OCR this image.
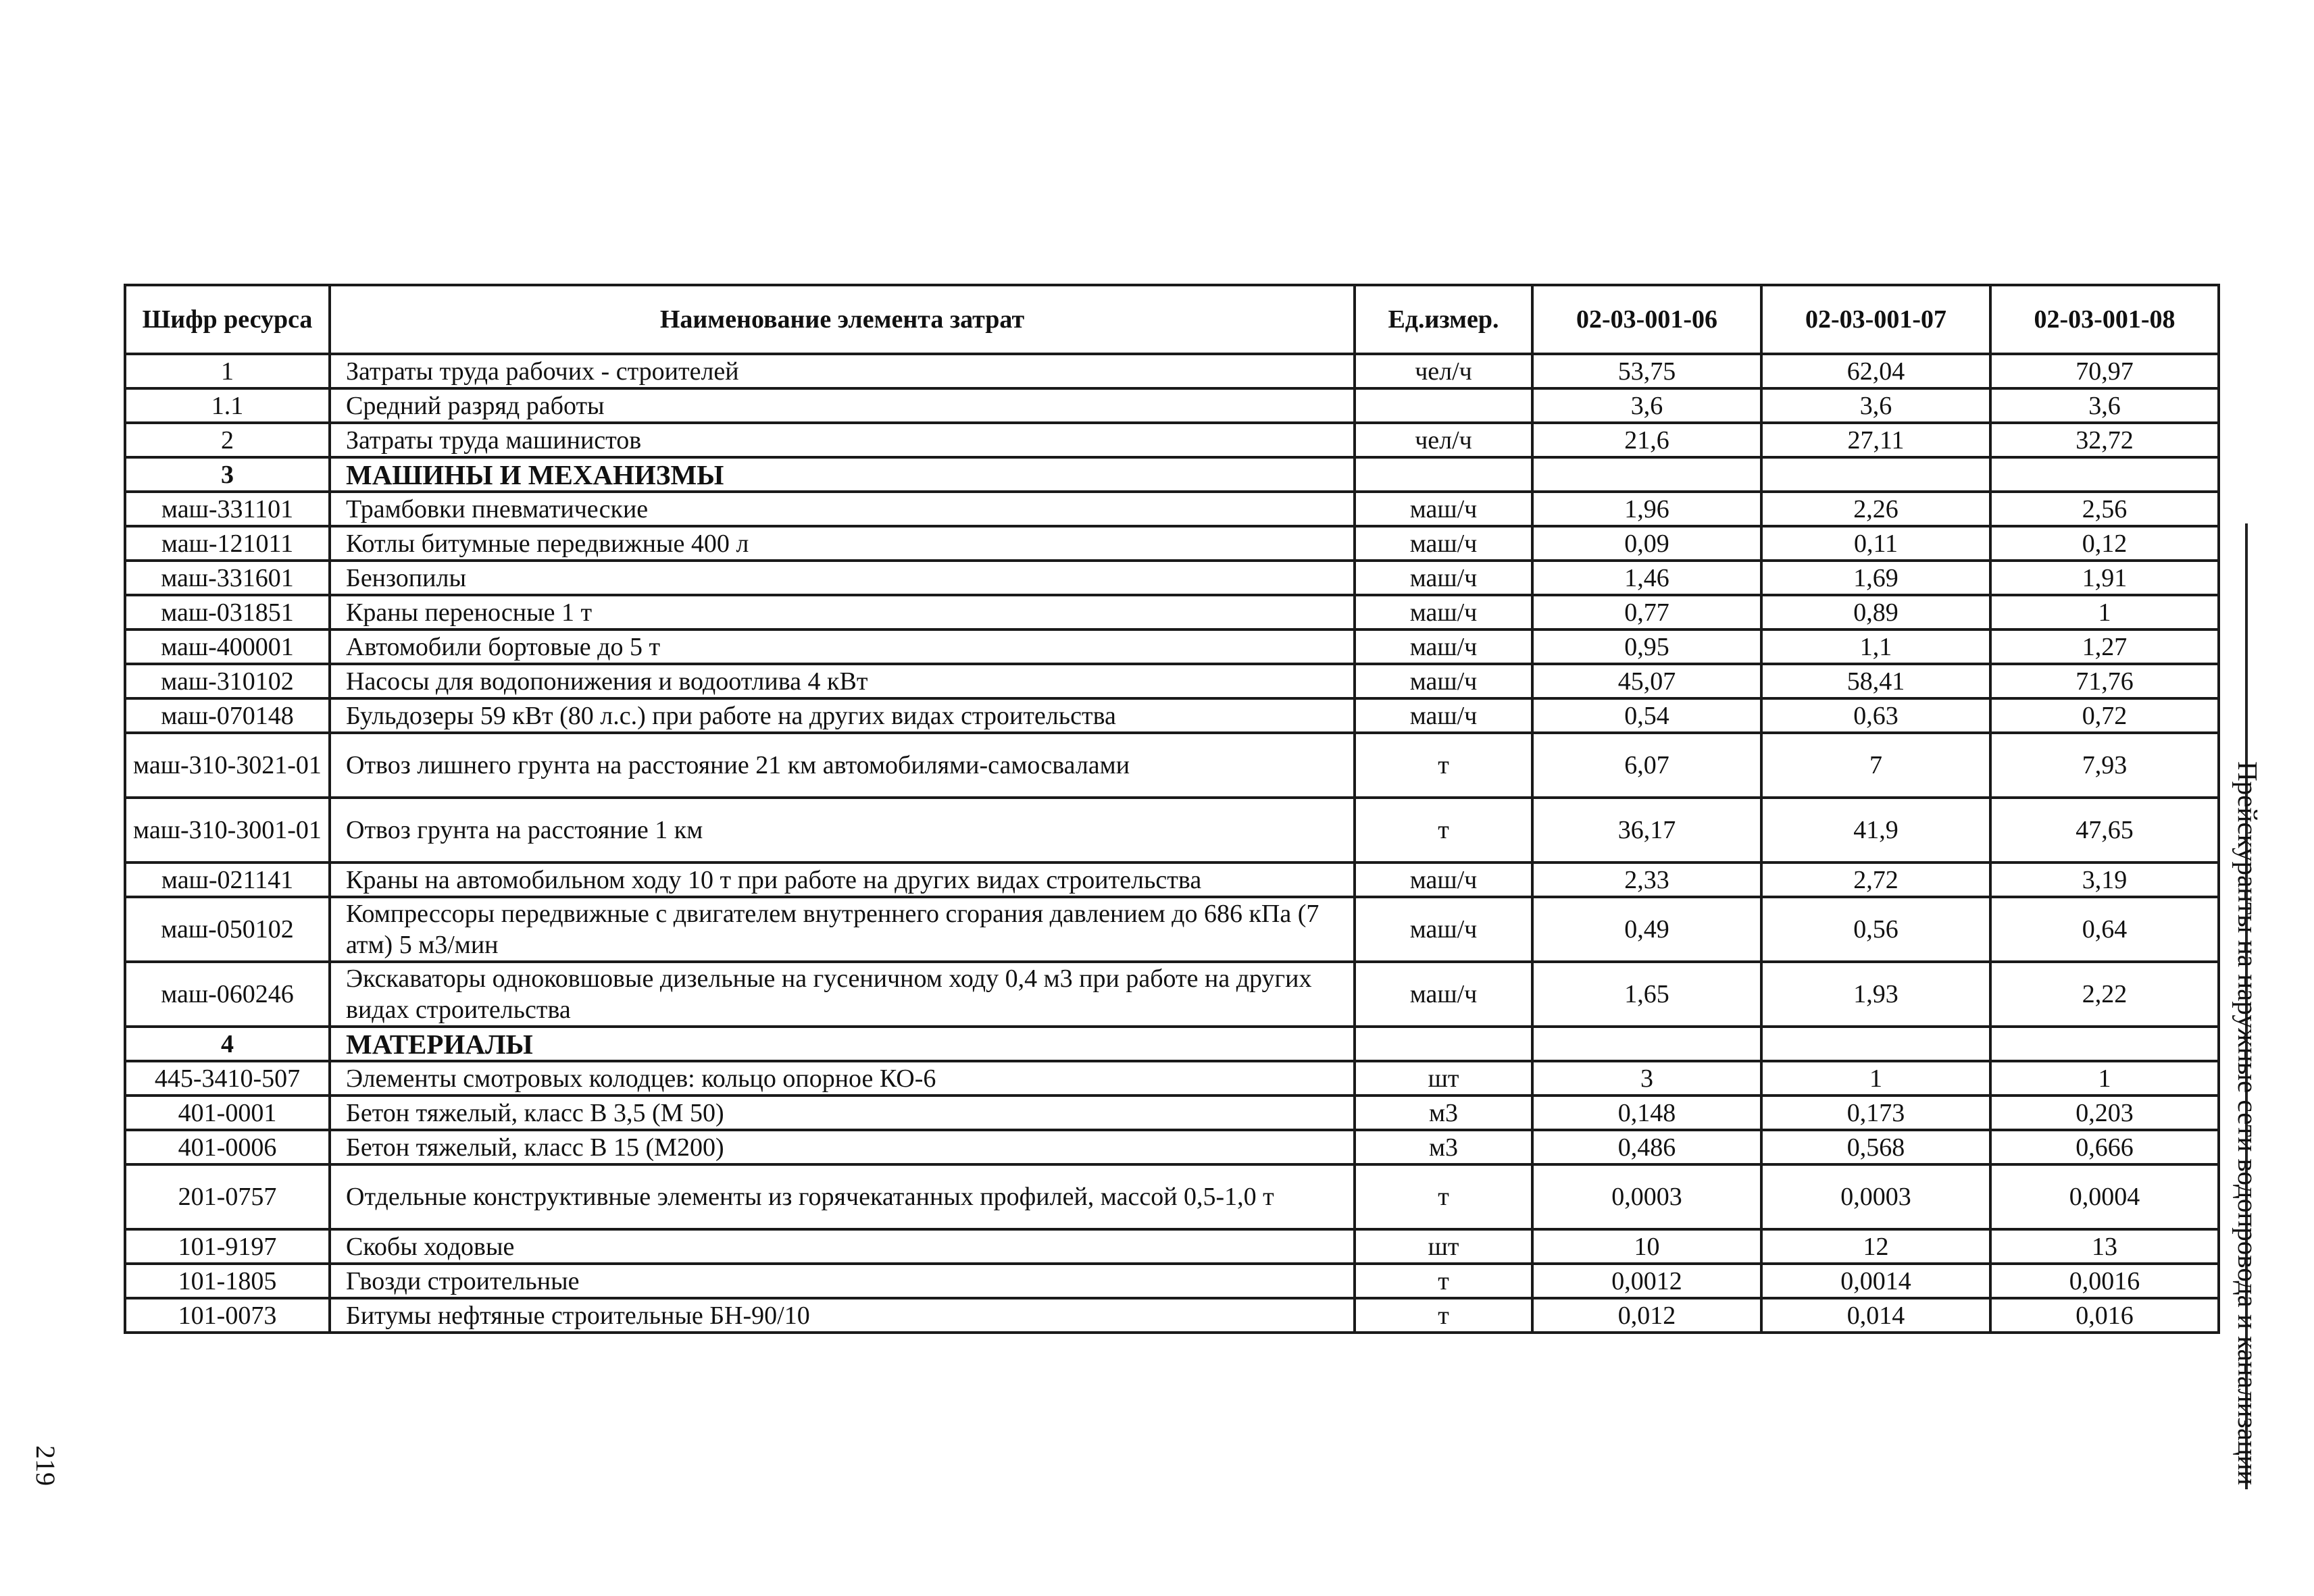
Шифр ресурса	Наименование элемента затрат	Ед.измер.	02-03-001-06	02-03-001-07	02-03-001-08
1	Затраты труда рабочих - строителей	чел/ч	53,75	62,04	70,97
1.1	Средний разряд работы		3,6	3,6	3,6
2	Затраты труда машинистов	чел/ч	21,6	27,11	32,72
3	МАШИНЫ И МЕХАНИЗМЫ				
маш-331101	Трамбовки пневматические	маш/ч	1,96	2,26	2,56
маш-121011	Котлы битумные передвижные 400 л	маш/ч	0,09	0,11	0,12
маш-331601	Бензопилы	маш/ч	1,46	1,69	1,91
маш-031851	Краны переносные 1 т	маш/ч	0,77	0,89	1
маш-400001	Автомобили бортовые до 5 т	маш/ч	0,95	1,1	1,27
маш-310102	Насосы для водопонижения и водоотлива 4 кВт	маш/ч	45,07	58,41	71,76
маш-070148	Бульдозеры 59 кВт (80 л.с.) при работе на других видах строительства	маш/ч	0,54	0,63	0,72
маш-310-3021-01	Отвоз лишнего грунта на расстояние 21 км автомобилями-самосвалами	т	6,07	7	7,93
маш-310-3001-01	Отвоз грунта на расстояние 1 км	т	36,17	41,9	47,65
маш-021141	Краны на автомобильном ходу 10 т при работе на других видах строительства	маш/ч	2,33	2,72	3,19
маш-050102	Компрессоры передвижные с двигателем внутреннего сгорания давлением до 686 кПа (7 атм) 5 м3/мин	маш/ч	0,49	0,56	0,64
маш-060246	Экскаваторы одноковшовые дизельные на гусеничном ходу 0,4 м3 при работе на других видах строительства	маш/ч	1,65	1,93	2,22
4	МАТЕРИАЛЫ				
445-3410-507	Элементы смотровых колодцев: кольцо опорное КО-6	шт	3	1	1
401-0001	Бетон тяжелый, класс В 3,5 (М 50)	м3	0,148	0,173	0,203
401-0006	Бетон тяжелый, класс В 15 (М200)	м3	0,486	0,568	0,666
201-0757	Отдельные конструктивные элементы из горячекатанных профилей, массой 0,5-1,0 т	т	0,0003	0,0003	0,0004
101-9197	Скобы ходовые	шт	10	12	13
101-1805	Гвозди строительные	т	0,0012	0,0014	0,0016
101-0073	Битумы нефтяные строительные БН-90/10	т	0,012	0,014	0,016	Прейскуранты на наружные сети водопровода и канализации
219
